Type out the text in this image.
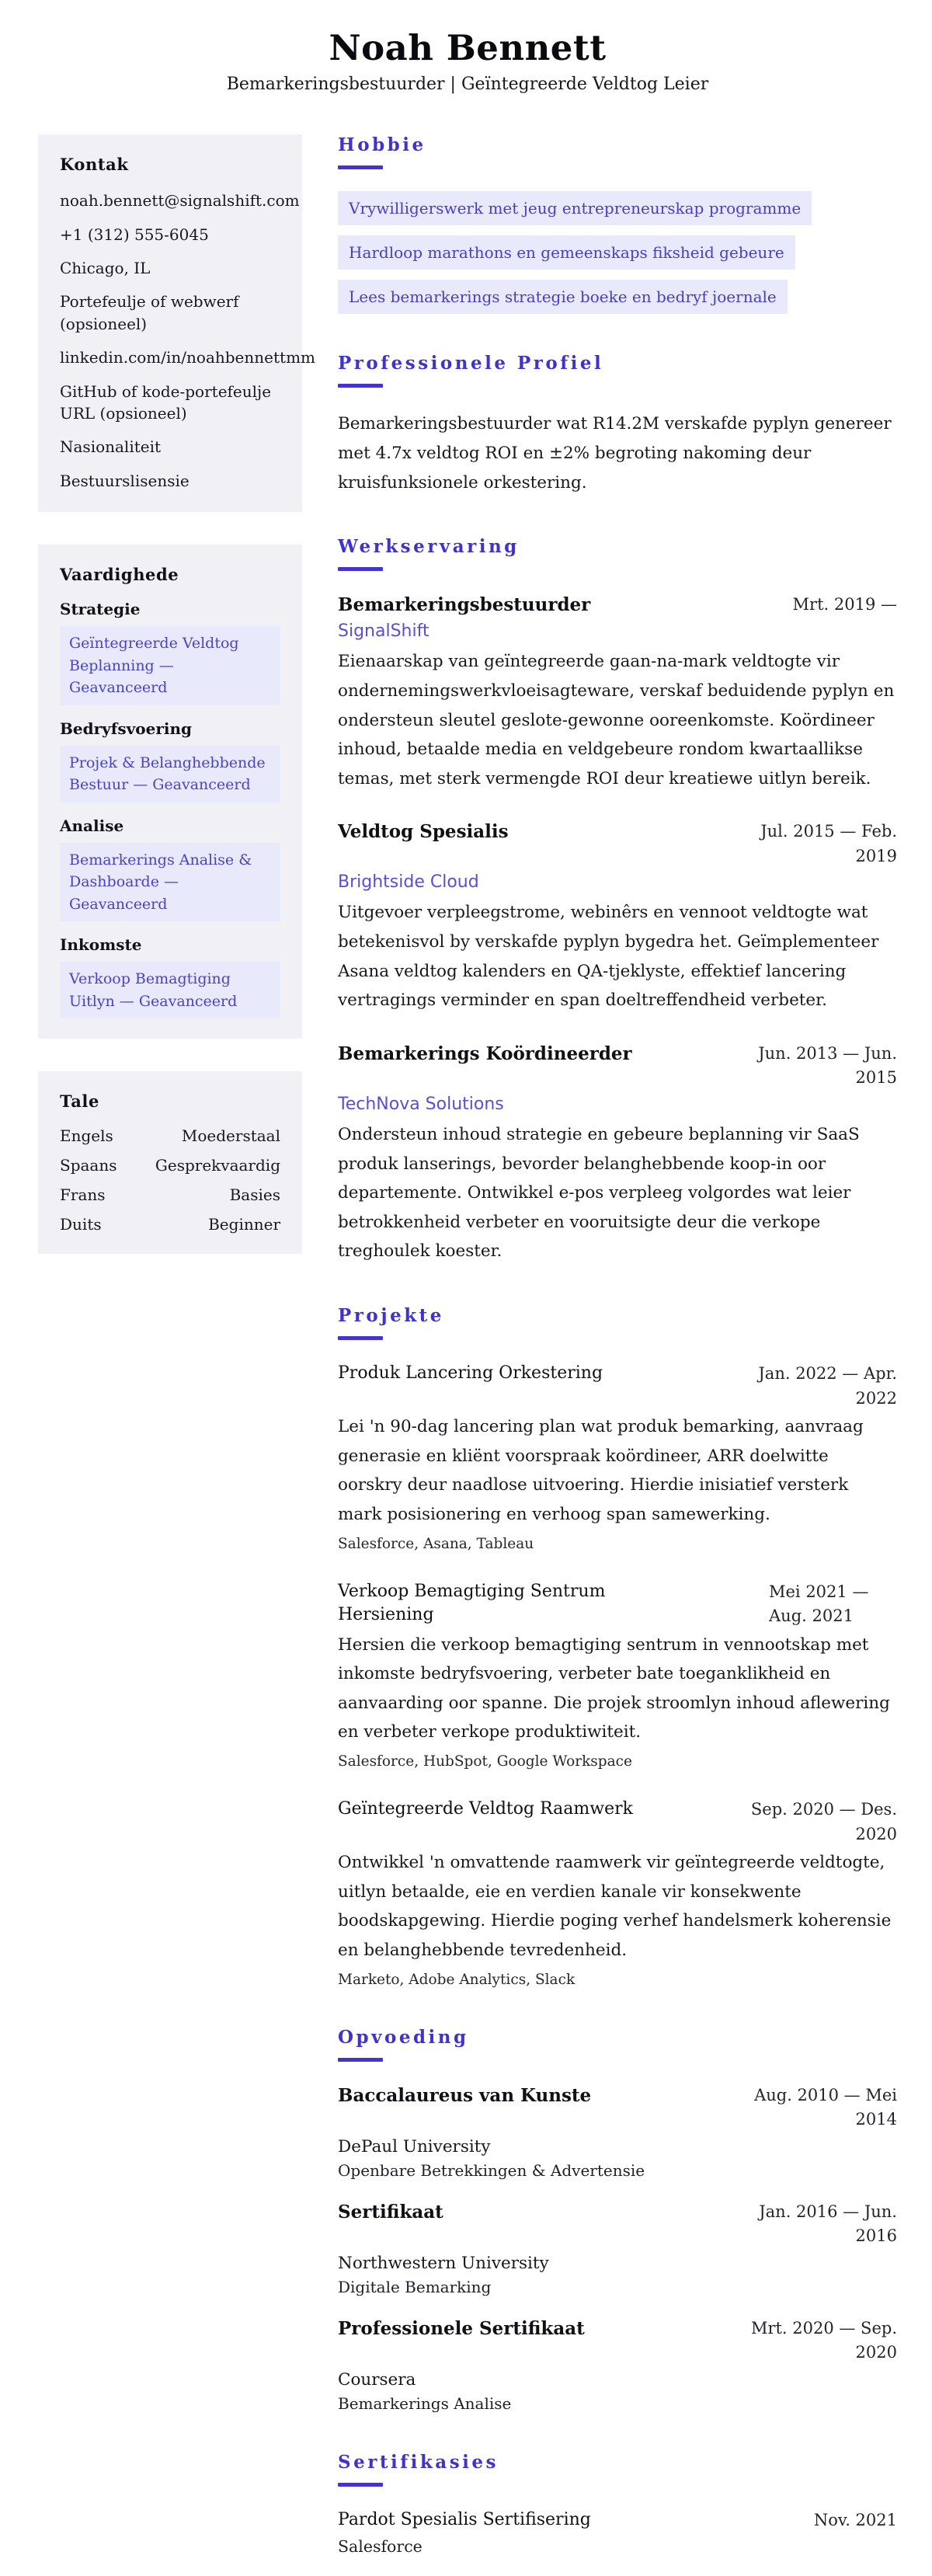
Noah Bennett
Bemarkeringsbestuurder | Geïntegreerde Veldtog Leier
Kontak
noah.bennett@signalshift.com
+1 (312) 555-6045
Chicago, IL
Portefeulje of webwerf (opsioneel)
linkedin.com/in/noahbennettmm
GitHub of kode-portefeulje URL (opsioneel)
Nasionaliteit
Bestuurslisensie
Vaardighede
Strategie
Geïntegreerde Veldtog Beplanning — Geavanceerd
Bedryfsvoering
Projek & Belanghebbende Bestuur — Geavanceerd
Analise
Bemarkerings Analise & Dashboarde — Geavanceerd
Inkomste
Verkoop Bemagtiging Uitlyn — Geavanceerd
Tale
Engels	Moederstaal
Spaans Gesprekvaardig
Frans	Basies
Duits	Beginner
Hobbie
Vrywilligerswerk met jeug entrepreneurskap programme
Hardloop marathons en gemeenskaps fiksheid gebeure
Lees bemarkerings strategie boeke en bedryf joernale
Professionele Profiel

Bemarkeringsbestuurder wat R14.2M verskafde pyplyn genereer met 4.7x veldtog ROI en ±2% begroting nakoming deur kruisfunksionele orkestering.

Werkservaring
Bemarkeringsbestuurder	Mrt. 2019 —
SignalShift

Eienaarskap van geïntegreerde gaan-na-mark veldtogte vir ondernemingswerkvloeisagteware, verskaf beduidende pyplyn en ondersteun sleutel geslote-gewonne ooreenkomste. Koördineer inhoud, betaalde media en veldgebeure rondom kwartaallikse temas, met sterk vermengde ROI deur kreatiewe uitlyn bereik.

Veldtog Spesialis	Jul. 2015 — Feb. 2019
Brightside Cloud

Uitgevoer verpleegstrome, webinêrs en vennoot veldtogte wat betekenisvol by verskafde pyplyn bygedra het. Geïmplementeer Asana veldtog kalenders en QA-tjeklyste, effektief lancering vertragings verminder en span doeltreffendheid verbeter.

Bemarkerings Koördineerder	Jun. 2013 — Jun. 2015
TechNova Solutions

Ondersteun inhoud strategie en gebeure beplanning vir SaaS produk lanserings, bevorder belanghebbende koop-in oor departemente. Ontwikkel e-pos verpleeg volgordes wat leier betrokkenheid verbeter en vooruitsigte deur die verkope treghoulek koester.

Projekte
Produk Lancering Orkestering	Jan. 2022 — Apr. 2022

Lei 'n 90-dag lancering plan wat produk bemarking, aanvraag generasie en kliënt voorspraak koördineer, ARR doelwitte oorskry deur naadlose uitvoering. Hierdie inisiatief versterk mark posisionering en verhoog span samewerking.

Salesforce, Asana, Tableau
Verkoop Bemagtiging Sentrum Hersiening
Mei 2021 — Aug. 2021

Hersien die verkoop bemagtiging sentrum in vennootskap met inkomste bedryfsvoering, verbeter bate toeganklikheid en aanvaarding oor spanne. Die projek stroomlyn inhoud aflewering en verbeter verkope produktiwiteit.

Salesforce, HubSpot, Google Workspace
Geïntegreerde Veldtog Raamwerk	Sep. 2020 — Des. 2020

Ontwikkel 'n omvattende raamwerk vir geïntegreerde veldtogte, uitlyn betaalde, eie en verdien kanale vir konsekwente boodskapgewing. Hierdie poging verhef handelsmerk koherensie en belanghebbende tevredenheid.

Marketo, Adobe Analytics, Slack
Opvoeding
Baccalaureus van Kunste	Aug. 2010 — Mei 2014
DePaul University
Openbare Betrekkingen & Advertensie
Sertifikaat	Jan. 2016 — Jun. 2016
Northwestern University
Digitale Bemarking
Professionele Sertifikaat	Mrt. 2020 — Sep. 2020
Coursera
Bemarkerings Analise
Sertifikasies
Pardot Spesialis Sertifisering	Nov. 2021
Salesforce
